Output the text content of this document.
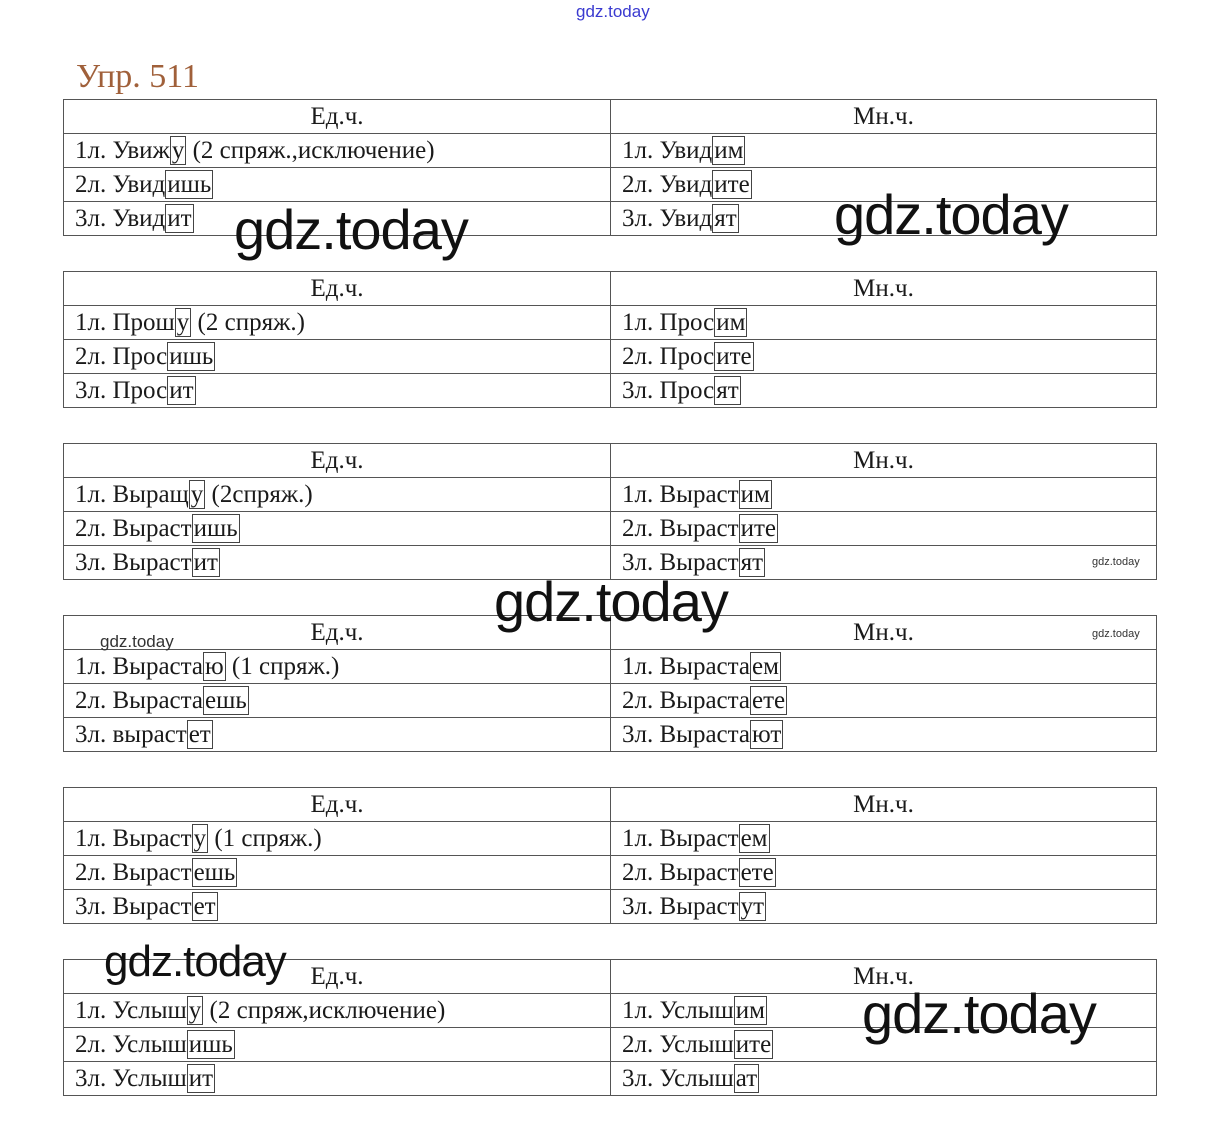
gdz.today
Упр. 511
Ед.ч.	Мн.ч.
1л. Увижу (2 спряж.,исключение)	1л. Увидим
2л. Увидишь	2л. Увидите
3л. Увидит	3л. Увидят
Ед.ч.	Мн.ч.
1л. Прошу (2 спряж.)	1л. Просим
2л. Просишь	2л. Просите
3л. Просит	3л. Просят
Ед.ч.	Мн.ч.
1л. Выращу (2спряж.)	1л. Вырастим
2л. Вырастишь	2л. Вырастите
3л. Вырастит	3л. Вырастят
Ед.ч.	Мн.ч.
1л. Вырастаю (1 спряж.)	1л. Вырастаем
2л. Вырастаешь	2л. Вырастаете
3л. вырастет	3л. Вырастают
Ед.ч.	Мн.ч.
1л. Вырасту (1 спряж.)	1л. Вырастем
2л. Вырастешь	2л. Вырастете
3л. Вырастет	3л. Вырастут
Ед.ч.	Мн.ч.
1л. Услышу (2 спряж,исключение)	1л. Услышим
2л. Услышишь	2л. Услышите
3л. Услышит	3л. Услышат
gdz.today	gdz.today
gdz.today
gdz.today
gdz.today
gdz.today
gdz.today
gdz.today
